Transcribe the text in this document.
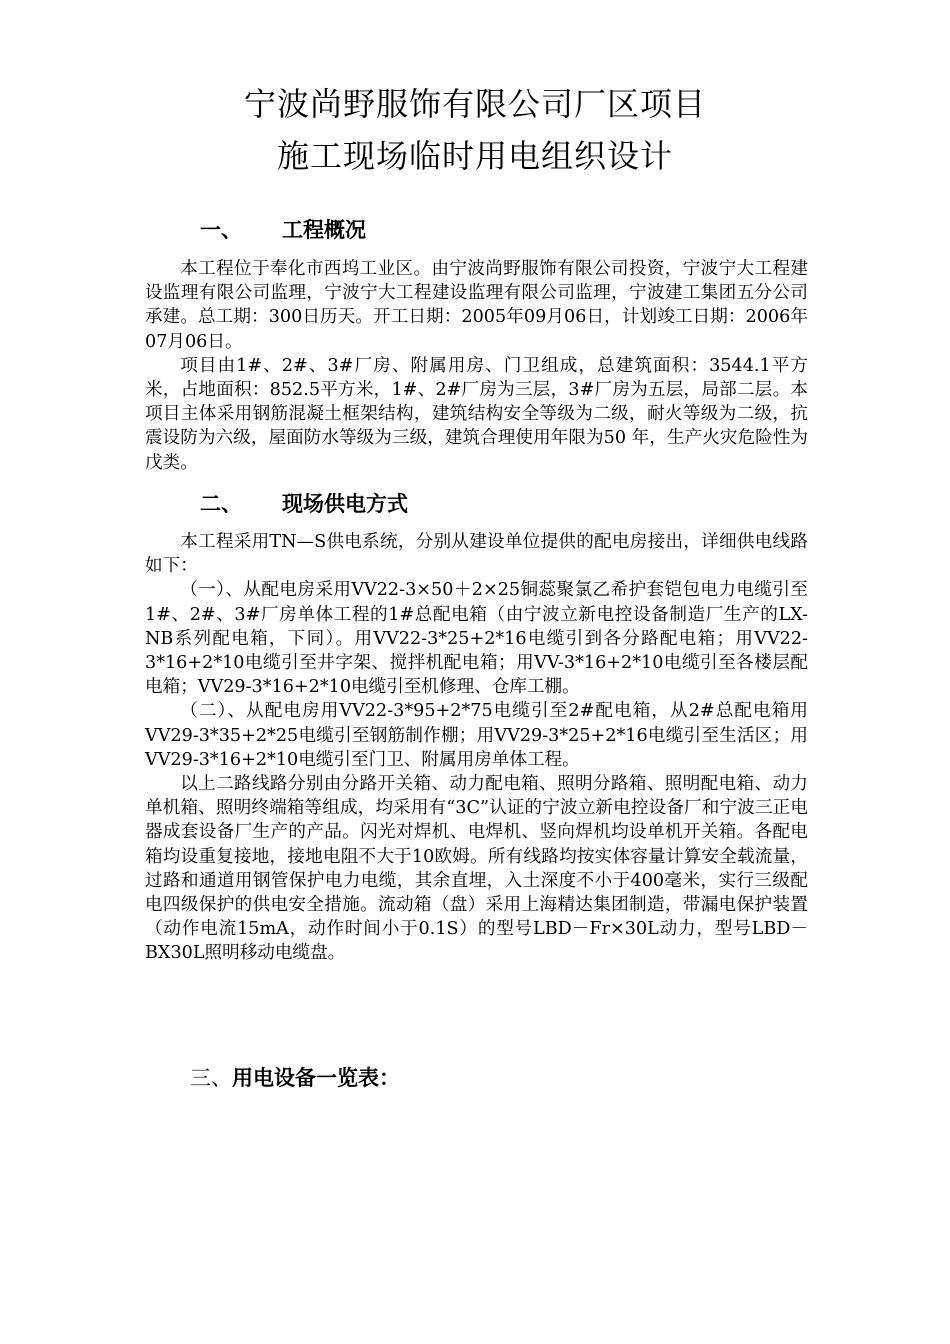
宁波尚野服饰有限公司厂区项目
施工现场临时用电组织设计
一、 工程概况

本工程位于奉化市西坞工业区。由宁波尚野服饰有限公司投资，宁波宁大工程建设监理有限公司监理，宁波宁大工程建设监理有限公司监理，宁波建工集团五分公司承建。总工期：300日历天。开工日期：2005年09月06日，计划竣工日期：2006年07月06日。

项目由1#、2#、3#厂房、附属用房、门卫组成，总建筑面积：3544.1平方米，占地面积：852.5平方米，1#、2#厂房为三层，3#厂房为五层，局部二层。本项目主体采用钢筋混凝土框架结构，建筑结构安全等级为二级，耐火等级为二级，抗震设防为六级，屋面防水等级为三级，建筑合理使用年限为50 年，生产火灾危险性为戊类。

二、 现场供电方式

本工程采用TN—S供电系统，分别从建设单位提供的配电房接出，详细供电线路如下：

（一）、从配电房采用VV22-3×50＋2×25铜蕊聚氯乙希护套铠包电力电缆引至1#、2#、3#厂房单体工程的1#总配电箱（由宁波立新电控设备制造厂生产的LX-NB系列配电箱，下同）。用VV22-3*25+2*16电缆引到各分路配电箱；用VV22-3*16+2*10电缆引至井字架、搅拌机配电箱；用VV-3*16+2*10电缆引至各楼层配电箱；VV29-3*16+2*10电缆引至机修理、仓库工棚。

（二）、从配电房用VV22-3*95+2*75电缆引至2#配电箱，从2#总配电箱用VV29-3*35+2*25电缆引至钢筋制作棚；用VV29-3*25+2*16电缆引至生活区；用VV29-3*16+2*10电缆引至门卫、附属用房单体工程。

以上二路线路分别由分路开关箱、动力配电箱、照明分路箱、照明配电箱、动力单机箱、照明终端箱等组成，均采用有“3C”认证的宁波立新电控设备厂和宁波三正电器成套设备厂生产的产品。闪光对焊机、电焊机、竖向焊机均设单机开关箱。各配电箱均设重复接地，接地电阻不大于10欧姆。所有线路均按实体容量计算安全载流量，过路和通道用钢管保护电力电缆，其余直埋，入土深度不小于400毫米，实行三级配电四级保护的供电安全措施。流动箱（盘）采用上海精达集团制造，带漏电保护装置（动作电流15mA，动作时间小于0.1S）的型号LBD－Fr×30L动力，型号LBD－BX30L照明移动电缆盘。

三、用电设备一览表：
